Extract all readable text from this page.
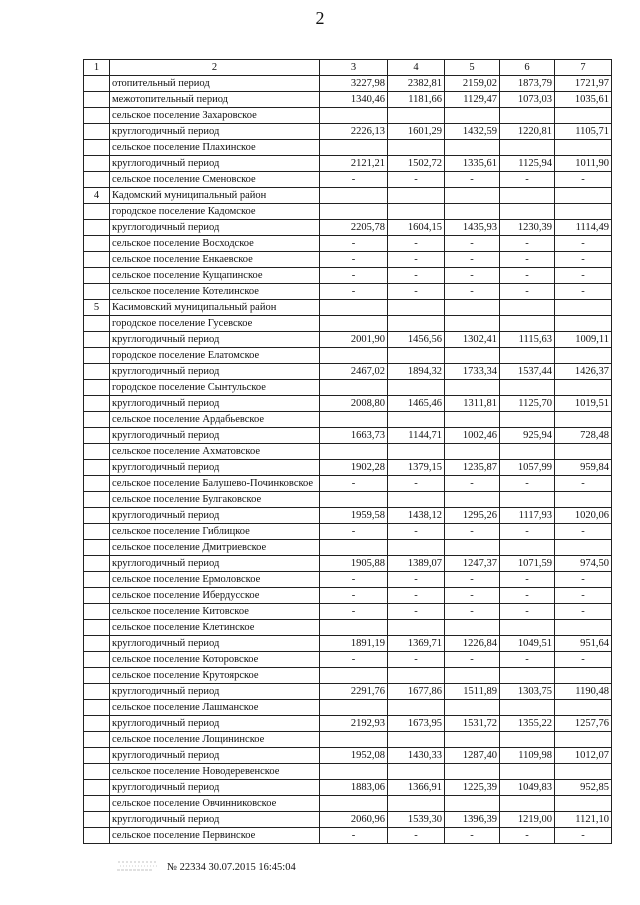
2
1	2	3	4	5	6	7
	отопительный период	3227,98	2382,81	2159,02	1873,79	1721,97
	межотопительный период	1340,46	1181,66	1129,47	1073,03	1035,61
	сельское поселение Захаровское					
	круглогодичный период	2226,13	1601,29	1432,59	1220,81	1105,71
	сельское поселение Плахинское					
	круглогодичный период	2121,21	1502,72	1335,61	1125,94	1011,90
	сельское поселение Сменовское	-	-	-	-	-
4	Кадомский муниципальный район					
	городское поселение Кадомское					
	круглогодичный период	2205,78	1604,15	1435,93	1230,39	1114,49
	сельское поселение Восходское	-	-	-	-	-
	сельское поселение Енкаевское	-	-	-	-	-
	сельское поселение Кущапинское	-	-	-	-	-
	сельское поселение Котелинское	-	-	-	-	-
5	Касимовский муниципальный район					
	городское поселение Гусевское					
	круглогодичный период	2001,90	1456,56	1302,41	1115,63	1009,11
	городское поселение Елатомское					
	круглогодичный период	2467,02	1894,32	1733,34	1537,44	1426,37
	городское поселение Сынтульское					
	круглогодичный период	2008,80	1465,46	1311,81	1125,70	1019,51
	сельское поселение Ардабьевское					
	круглогодичный период	1663,73	1144,71	1002,46	925,94	728,48
	сельское поселение Ахматовское					
	круглогодичный период	1902,28	1379,15	1235,87	1057,99	959,84
	сельское поселение Балушево-Починковское	-	-	-	-	-
	сельское поселение Булгаковское					
	круглогодичный период	1959,58	1438,12	1295,26	1117,93	1020,06
	сельское поселение Гиблицкое	-	-	-	-	-
	сельское поселение Дмитриевское					
	круглогодичный период	1905,88	1389,07	1247,37	1071,59	974,50
	сельское поселение Ермоловское	-	-	-	-	-
	сельское поселение Ибердусское	-	-	-	-	-
	сельское поселение Китовское	-	-	-	-	-
	сельское поселение Клетинское					
	круглогодичный период	1891,19	1369,71	1226,84	1049,51	951,64
	сельское поселение Которовское	-	-	-	-	-
	сельское поселение Крутоярское					
	круглогодичный период	2291,76	1677,86	1511,89	1303,75	1190,48
	сельское поселение Лашманское					
	круглогодичный период	2192,93	1673,95	1531,72	1355,22	1257,76
	сельское поселение Лощининское					
	круглогодичный период	1952,08	1430,33	1287,40	1109,98	1012,07
	сельское поселение Новодеревенское					
	круглогодичный период	1883,06	1366,91	1225,39	1049,83	952,85
	сельское поселение Овчинниковское					
	круглогодичный период	2060,96	1539,30	1396,39	1219,00	1121,10
	сельское поселение Первинское	-	-	-	-	-
№ 22334 30.07.2015 16:45:04
